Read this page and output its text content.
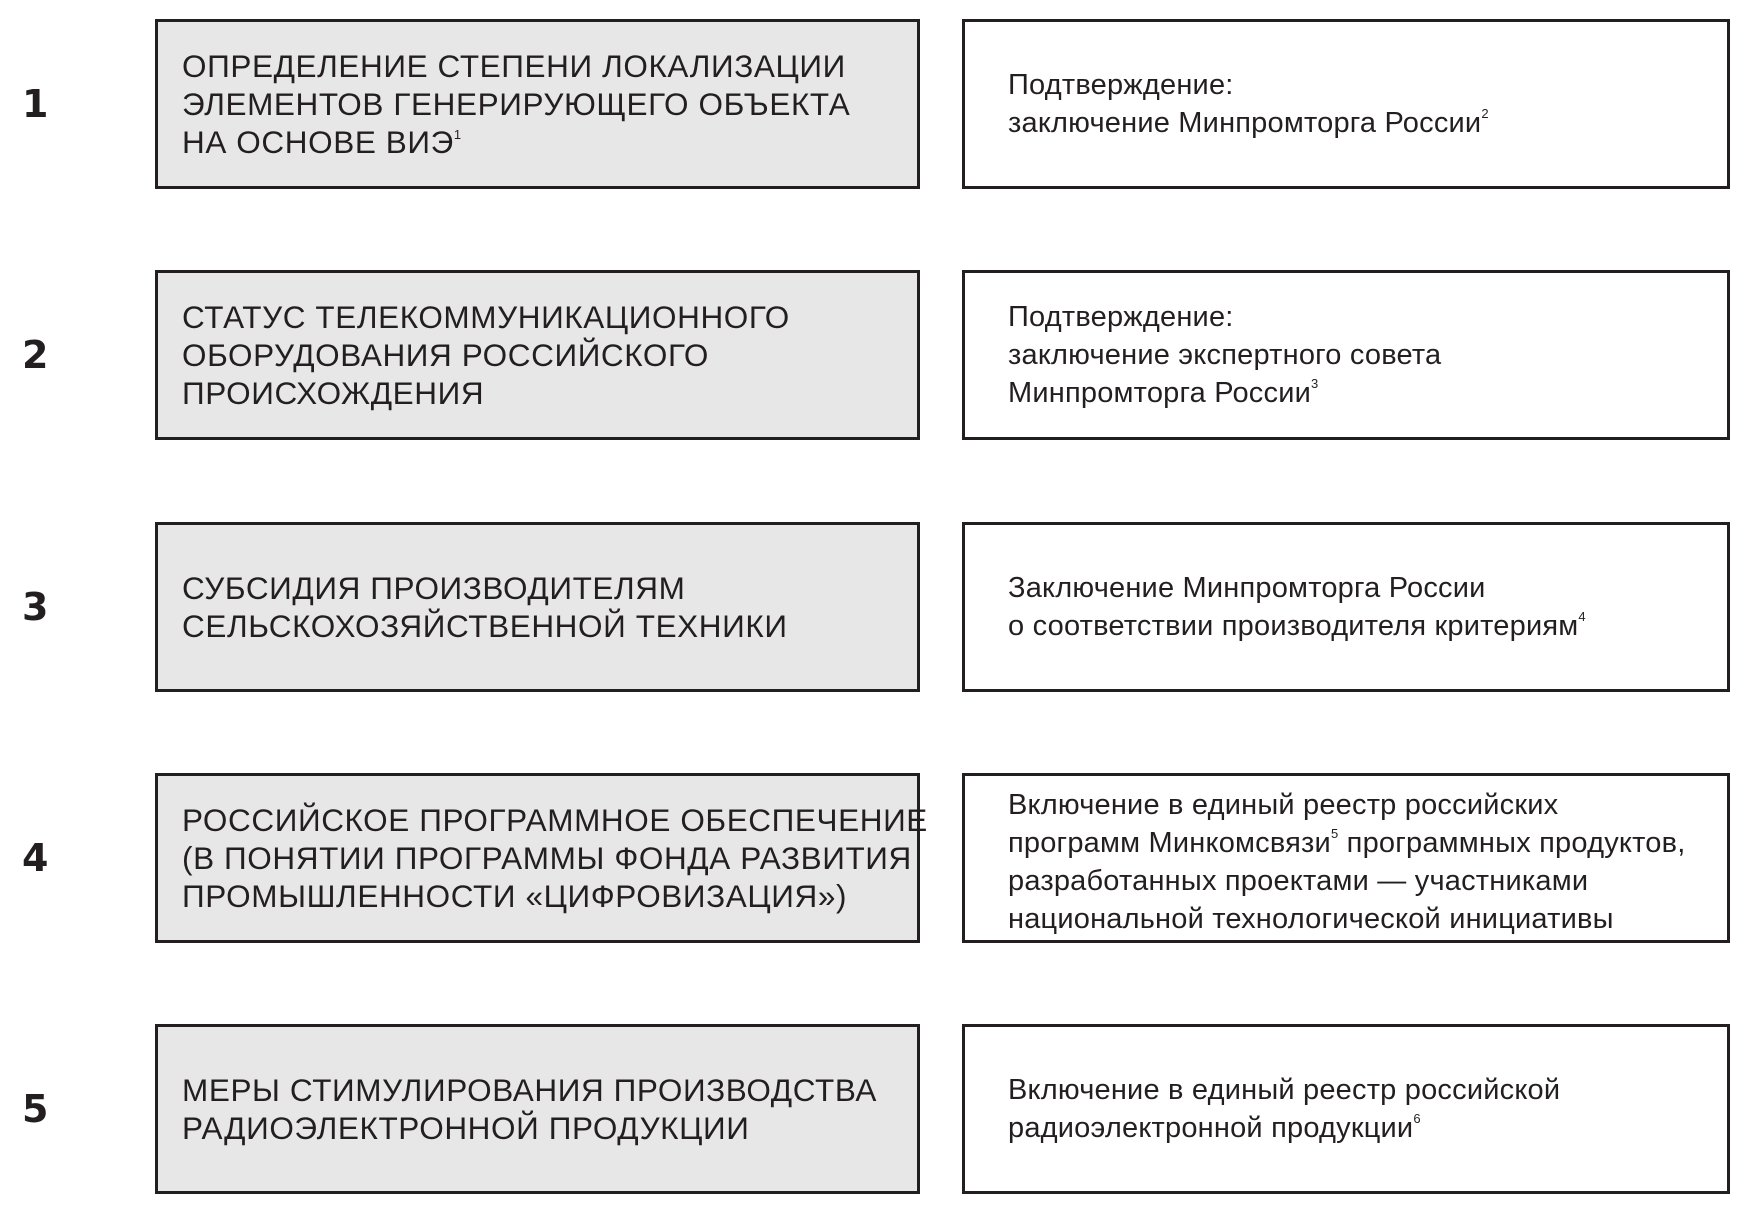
1
ОПРЕДЕЛЕНИЕ СТЕПЕНИ ЛОКАЛИЗАЦИИ
ЭЛЕМЕНТОВ ГЕНЕРИРУЮЩЕГО ОБЪЕКТА
НА ОСНОВЕ ВИЭ$^1$
Подтверждение:
заключение Минпромторга России$^2$
2
СТАТУС ТЕЛЕКОММУНИКАЦИОННОГО
ОБОРУДОВАНИЯ РОССИЙСКОГО
ПРОИСХОЖДЕНИЯ
Подтверждение:
заключение экспертного совета
Минпромторга России$^3$
3	СУБСИДИЯ ПРОИЗВОДИТЕЛЯМ
СЕЛЬСКОХОЗЯЙСТВЕННОЙ ТЕХНИКИ
Заключение Минпромторга России
о соответствии производителя критериям$^4$
4
РОССИЙСКОЕ ПРОГРАММНОЕ ОБЕСПЕЧЕНИЕ
(В ПОНЯТИИ ПРОГРАММЫ ФОНДА РАЗВИТИЯ
ПРОМЫШЛЕННОСТИ «ЦИФРОВИЗАЦИЯ»)
Включение в единый реестр российских
программ Минкомсвязи$^5$ программных продуктов,
разработанных проектами — участниками
национальной технологической инициативы
5	МЕРЫ СТИМУЛИРОВАНИЯ ПРОИЗВОДСТВА
РАДИОЭЛЕКТРОННОЙ ПРОДУКЦИИ
Включение в единый реестр российской
радиоэлектронной продукции$^6$
